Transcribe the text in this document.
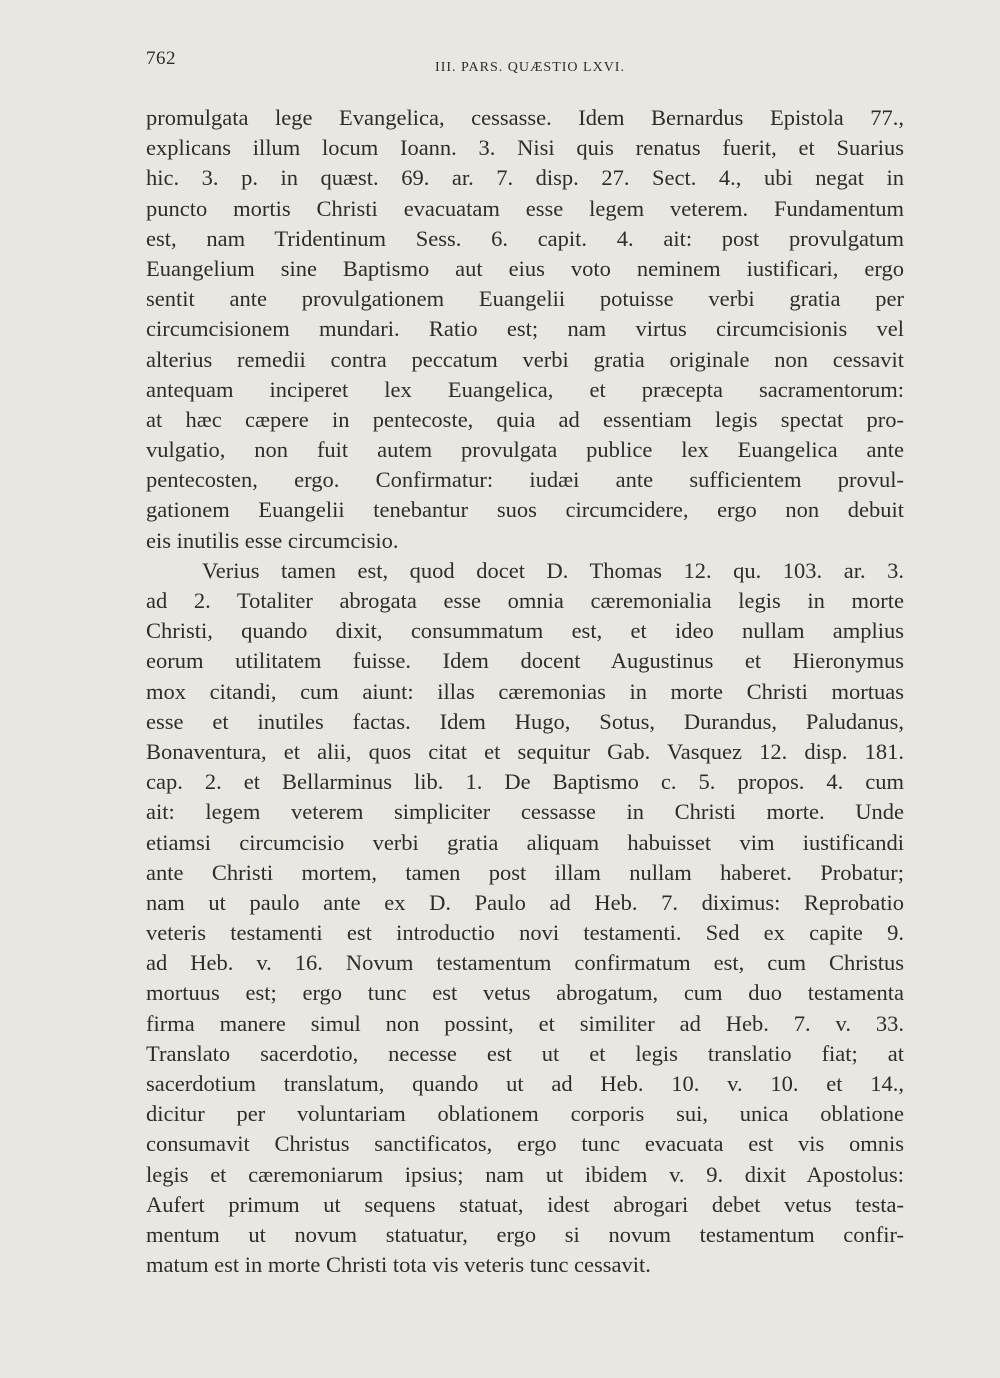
762	III. PARS. QUÆSTIO LXVI.
promulgata lege Evangelica, cessasse. Idem Bernardus Epistola 77.,
explicans illum locum Ioann. 3. Nisi quis renatus fuerit, et Suarius
hic. 3. p. in quæst. 69. ar. 7. disp. 27. Sect. 4., ubi negat in
puncto mortis Christi evacuatam esse legem veterem. Fundamentum
est, nam Tridentinum Sess. 6. capit. 4. ait: post provulgatum
Euangelium sine Baptismo aut eius voto neminem iustificari, ergo
sentit ante provulgationem Euangelii potuisse verbi gratia per
circumcisionem mundari. Ratio est; nam virtus circumcisionis vel
alterius remedii contra peccatum verbi gratia originale non cessavit
antequam inciperet lex Euangelica, et præcepta sacramentorum:
at hæc cæpere in pentecoste, quia ad essentiam legis spectat pro-
vulgatio, non fuit autem provulgata publice lex Euangelica ante
pentecosten, ergo. Confirmatur: iudæi ante sufficientem provul-
gationem Euangelii tenebantur suos circumcidere, ergo non debuit
eis inutilis esse circumcisio.
Verius tamen est, quod docet D. Thomas 12. qu. 103. ar. 3.
ad 2. Totaliter abrogata esse omnia cæremonialia legis in morte
Christi, quando dixit, consummatum est, et ideo nullam amplius
eorum utilitatem fuisse. Idem docent Augustinus et Hieronymus
mox citandi, cum aiunt: illas cæremonias in morte Christi mortuas
esse et inutiles factas. Idem Hugo, Sotus, Durandus, Paludanus,
Bonaventura, et alii, quos citat et sequitur Gab. Vasquez 12. disp. 181.
cap. 2. et Bellarminus lib. 1. De Baptismo c. 5. propos. 4. cum
ait: legem veterem simpliciter cessasse in Christi morte. Unde
etiamsi circumcisio verbi gratia aliquam habuisset vim iustificandi
ante Christi mortem, tamen post illam nullam haberet. Probatur;
nam ut paulo ante ex D. Paulo ad Heb. 7. diximus: Reprobatio
veteris testamenti est introductio novi testamenti. Sed ex capite 9.
ad Heb. v. 16. Novum testamentum confirmatum est, cum Christus
mortuus est; ergo tunc est vetus abrogatum, cum duo testamenta
firma manere simul non possint, et similiter ad Heb. 7. v. 33.
Translato sacerdotio, necesse est ut et legis translatio fiat; at
sacerdotium translatum, quando ut ad Heb. 10. v. 10. et 14.,
dicitur per voluntariam oblationem corporis sui, unica oblatione
consumavit Christus sanctificatos, ergo tunc evacuata est vis omnis
legis et cæremoniarum ipsius; nam ut ibidem v. 9. dixit Apostolus:
Aufert primum ut sequens statuat, idest abrogari debet vetus testa-
mentum ut novum statuatur, ergo si novum testamentum confir-
matum est in morte Christi tota vis veteris tunc cessavit.
